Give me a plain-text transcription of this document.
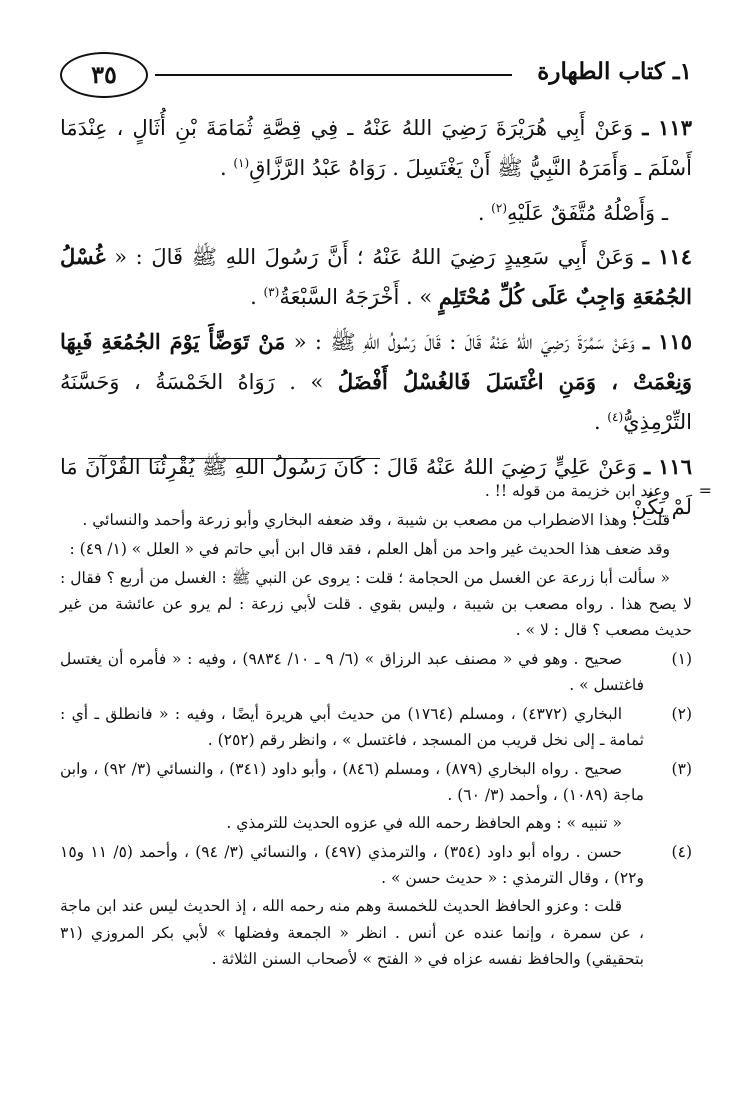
١ـ كتاب الطهارة
٣٥

١١٣ ـ وَعَنْ أَبِي هُرَيْرَةَ رَضِيَ اللهُ عَنْهُ ـ فِي قِصَّةِ ثُمَامَةَ بْنِ أُثَالٍ ، عِنْدَمَا أَسْلَمَ ـ وَأَمَرَهُ النَّبِيُّ ﷺ أَنْ يَغْتَسِلَ . رَوَاهُ عَبْدُ الرَّزَّاقِ$^{(١)}$ .

ـ وَأَصْلُهُ مُتَّفَقٌ عَلَيْهِ$^{(٢)}$ .

١١٤ ـ وَعَنْ أَبِي سَعِيدٍ رَضِيَ اللهُ عَنْهُ ؛ أَنَّ رَسُولَ اللهِ ﷺ قَالَ : « غُسْلُ الجُمُعَةِ وَاجِبٌ عَلَى كُلِّ مُحْتَلِمٍ » . أَخْرَجَهُ السَّبْعَةُ$^{(٣)}$ .

١١٥ ـ وَعَنْ سَمُرَةَ رَضِيَ اللهُ عَنْهُ قَالَ : قَالَ رَسُولُ اللهِ ﷺ : « مَنْ تَوَضَّأَ يَوْمَ الجُمُعَةِ فَبِهَا وَنِعْمَتْ ، وَمَنِ اغْتَسَلَ فَالغُسْلُ أَفْضَلُ » . رَوَاهُ الخَمْسَةُ ، وَحَسَّنَهُ التِّرْمِذِيُّ$^{(٤)}$ .

١١٦ ـ وَعَنْ عَلِيٍّ رَضِيَ اللهُ عَنْهُ قَالَ : كَانَ رَسُولُ اللهِ ﷺ يُقْرِئُنَا القُرْآنَ مَا لَمْ يَكُنْ

=

وعند ابن خزيمة من قوله !! .

قلت : وهذا الاضطراب من مصعب بن شيبة ، وقد ضعفه البخاري وأبو زرعة وأحمد والنسائي .

وقد ضعف هذا الحديث غير واحد من أهل العلم ، فقد قال ابن أبي حاتم في « العلل » (١/ ٤٩) :

« سألت أبا زرعة عن الغسل من الحجامة ؛ قلت : يروى عن النبي ﷺ : الغسل من أربع ؟ فقال : لا يصح هذا . رواه مصعب بن شيبة ، وليس بقوي . قلت لأبي زرعة : لم يرو عن عائشة من غير حديث مصعب ؟ قال : لا » .

(١)

صحيح . وهو في « مصنف عبد الرزاق » (٦/ ٩ ـ ١٠/ ٩٨٣٤) ، وفيه : « فأمره أن يغتسل فاغتسل » .

(٢)

البخاري (٤٣٧٢) ، ومسلم (١٧٦٤) من حديث أبي هريرة أيضًا ، وفيه : « فانطلق ـ أي : ثمامة ـ إلى نخل قريب من المسجد ، فاغتسل » ، وانظر رقم (٢٥٢) .

(٣)

صحيح . رواه البخاري (٨٧٩) ، ومسلم (٨٤٦) ، وأبو داود (٣٤١) ، والنسائي (٣/ ٩٢) ، وابن ماجة (١٠٨٩) ، وأحمد (٣/ ٦٠) .

« تنبيه » : وهم الحافظ رحمه الله في عزوه الحديث للترمذي .

(٤)

حسن . رواه أبو داود (٣٥٤) ، والترمذي (٤٩٧) ، والنسائي (٣/ ٩٤) ، وأحمد (٥/ ١١ و١٥ و٢٢) ، وقال الترمذي : « حديث حسن » .

قلت : وعزو الحافظ الحديث للخمسة وهم منه رحمه الله ، إذ الحديث ليس عند ابن ماجة ، عن سمرة ، وإنما عنده عن أنس . انظر « الجمعة وفضلها » لأبي بكر المروزي (٣١ بتحقيقي) والحافظ نفسه عزاه في « الفتح » لأصحاب السنن الثلاثة .
